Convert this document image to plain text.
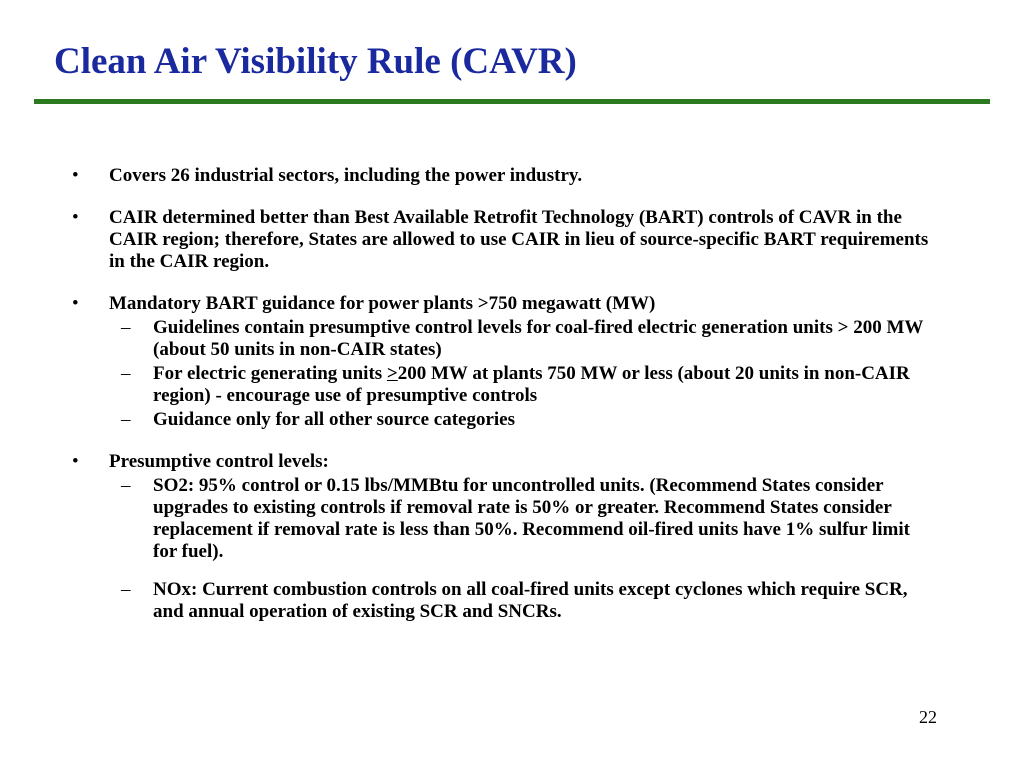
Clean Air Visibility Rule (CAVR)
•	Covers 26 industrial sectors, including the power industry.
•	CAIR determined better than Best Available Retrofit Technology (BART) controls of CAVR in the CAIR region; therefore, States are allowed to use CAIR in lieu of source-specific BART requirements in the CAIR region.
•	Mandatory BART guidance for power plants >750 megawatt (MW)
–	Guidelines contain presumptive control levels for coal-fired electric generation units > 200 MW (about 50 units in non-CAIR states)
–	For electric generating units >200 MW at plants 750 MW or less (about 20 units in non-CAIR region) - encourage use of presumptive controls
–	Guidance only for all other source categories
•	Presumptive control levels:
–	SO2: 95% control or 0.15 lbs/MMBtu for uncontrolled units. (Recommend States consider upgrades to existing controls if removal rate is 50% or greater. Recommend States consider replacement if removal rate is less than 50%. Recommend oil-fired units have 1% sulfur limit for fuel).
–	NOx: Current combustion controls on all coal-fired units except cyclones which require SCR, and annual operation of existing SCR and SNCRs.
22
